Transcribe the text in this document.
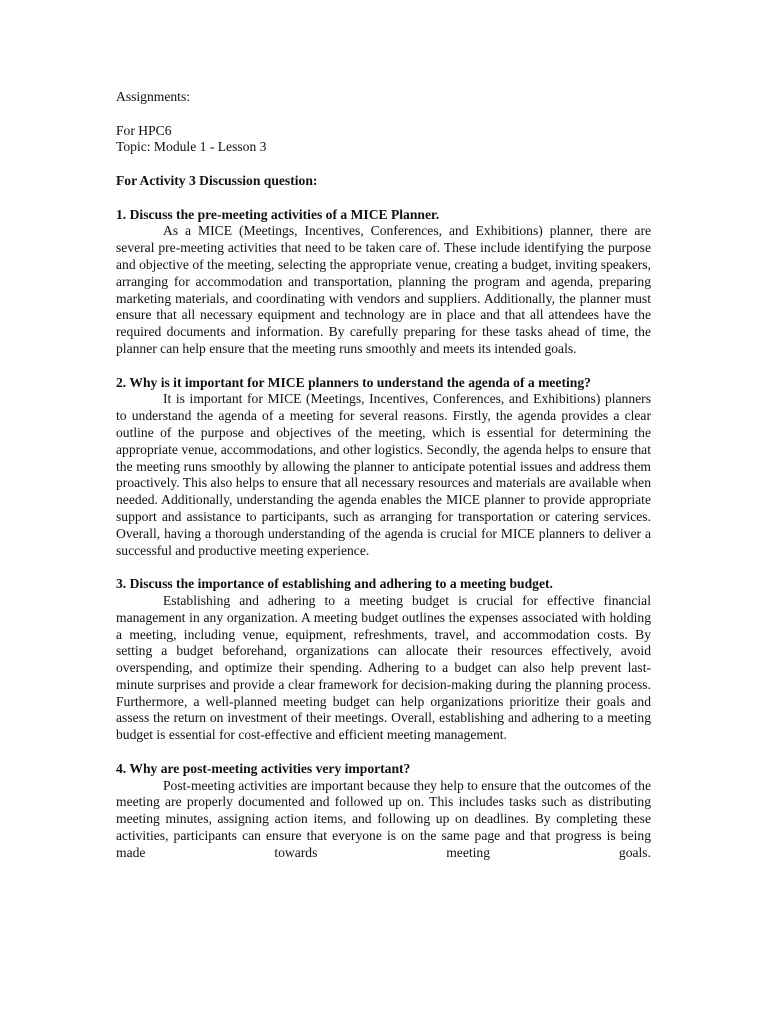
Assignments:

For HPC6

Topic: Module 1 - Lesson 3

For Activity 3 Discussion question:

1. Discuss the pre-meeting activities of a MICE Planner.

As a MICE (Meetings, Incentives, Conferences, and Exhibitions) planner, there are several pre-meeting activities that need to be taken care of. These include identifying the purpose and objective of the meeting, selecting the appropriate venue, creating a budget, inviting speakers, arranging for accommodation and transportation, planning the program and agenda, preparing marketing materials, and coordinating with vendors and suppliers. Additionally, the planner must ensure that all necessary equipment and technology are in place and that all attendees have the required documents and information. By carefully preparing for these tasks ahead of time, the planner can help ensure that the meeting runs smoothly and meets its intended goals.

2. Why is it important for MICE planners to understand the agenda of a meeting?

It is important for MICE (Meetings, Incentives, Conferences, and Exhibitions) planners to understand the agenda of a meeting for several reasons. Firstly, the agenda provides a clear outline of the purpose and objectives of the meeting, which is essential for determining the appropriate venue, accommodations, and other logistics. Secondly, the agenda helps to ensure that the meeting runs smoothly by allowing the planner to anticipate potential issues and address them proactively. This also helps to ensure that all necessary resources and materials are available when needed. Additionally, understanding the agenda enables the MICE planner to provide appropriate support and assistance to participants, such as arranging for transportation or catering services. Overall, having a thorough understanding of the agenda is crucial for MICE planners to deliver a successful and productive meeting experience.

3. Discuss the importance of establishing and adhering to a meeting budget.

Establishing and adhering to a meeting budget is crucial for effective financial management in any organization. A meeting budget outlines the expenses associated with holding a meeting, including venue, equipment, refreshments, travel, and accommodation costs. By setting a budget beforehand, organizations can allocate their resources effectively, avoid overspending, and optimize their spending. Adhering to a budget can also help prevent last-minute surprises and provide a clear framework for decision-making during the planning process. Furthermore, a well-planned meeting budget can help organizations prioritize their goals and assess the return on investment of their meetings. Overall, establishing and adhering to a meeting budget is essential for cost-effective and efficient meeting management.

4. Why are post-meeting activities very important?

Post-meeting activities are important because they help to ensure that the outcomes of the meeting are properly documented and followed up on. This includes tasks such as distributing meeting minutes, assigning action items, and following up on deadlines. By completing these activities, participants can ensure that everyone is on the same page and that progress is being made towards meeting goals.
